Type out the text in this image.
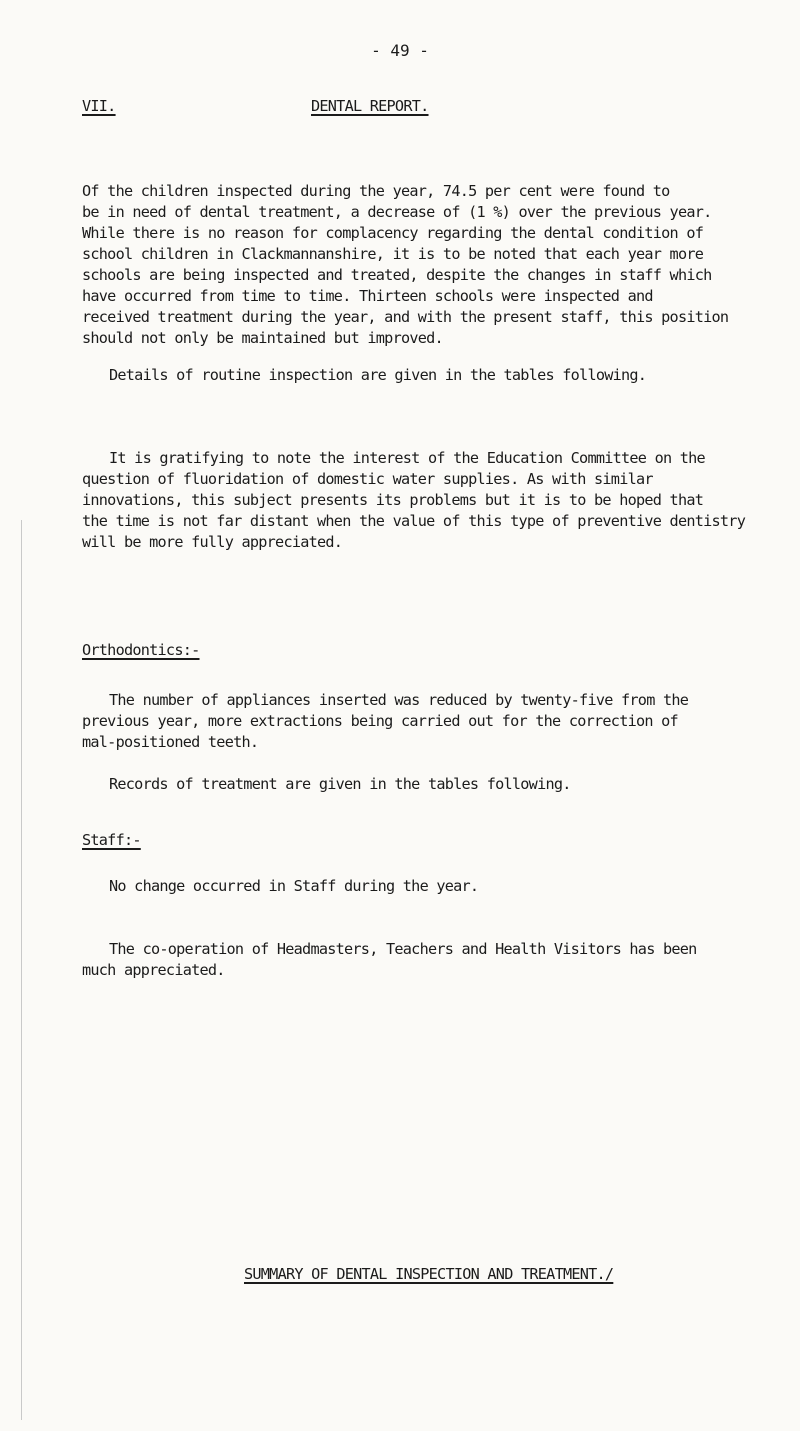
- 49 -
VII.	DENTAL REPORT.
Of the children inspected during the year, 74.5 per cent were found to
be in need of dental treatment, a decrease of (1 %) over the previous year.
While there is no reason for complacency regarding the dental condition of
school children in Clackmannanshire, it is to be noted that each year more
schools are being inspected and treated, despite the changes in staff which
have occurred from time to time. Thirteen schools were inspected and
received treatment during the year, and with the present staff, this position
should not only be maintained but improved.
Details of routine inspection are given in the tables following.
It is gratifying to note the interest of the Education Committee on the
question of fluoridation of domestic water supplies. As with similar
innovations, this subject presents its problems but it is to be hoped that
the time is not far distant when the value of this type of preventive dentistry
will be more fully appreciated.
Orthodontics:-
The number of appliances inserted was reduced by twenty-five from the
previous year, more extractions being carried out for the correction of
mal-positioned teeth.
Records of treatment are given in the tables following.
Staff:-
No change occurred in Staff during the year.
The co-operation of Headmasters, Teachers and Health Visitors has been
much appreciated.
SUMMARY OF DENTAL INSPECTION AND TREATMENT./
